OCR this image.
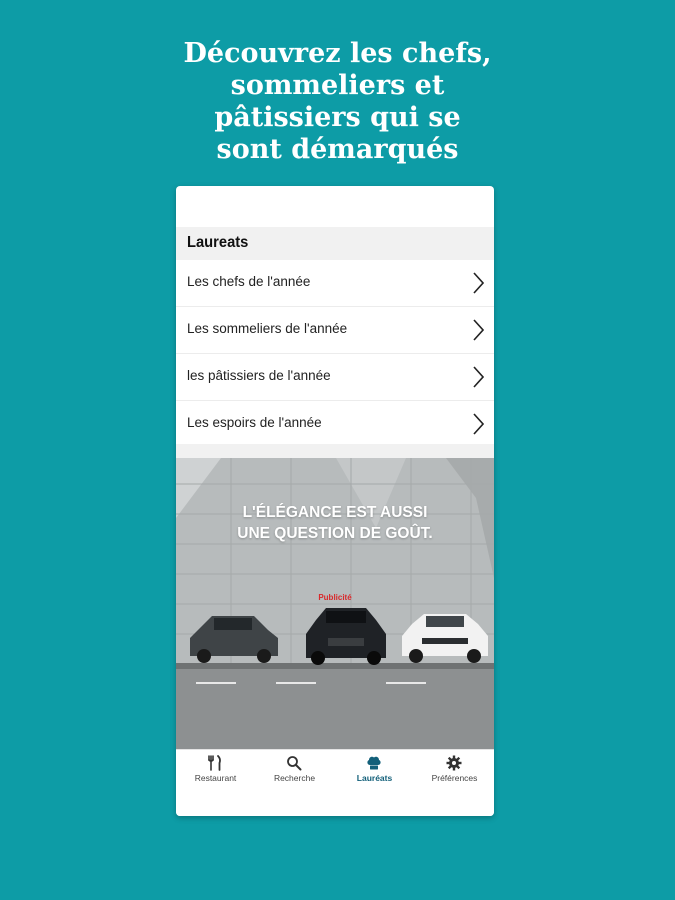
Découvrez les chefs,
sommeliers et
pâtissiers qui se
sont démarqués
Laureats
Les chefs de l'année
Les sommeliers de l'année
les pâtissiers de l'année
Les espoirs de l'année
L'ÉLÉGANCE EST AUSSI
UNE QUESTION DE GOÛT.
Publicité
Restaurant	Recherche	Lauréats	Préférences
